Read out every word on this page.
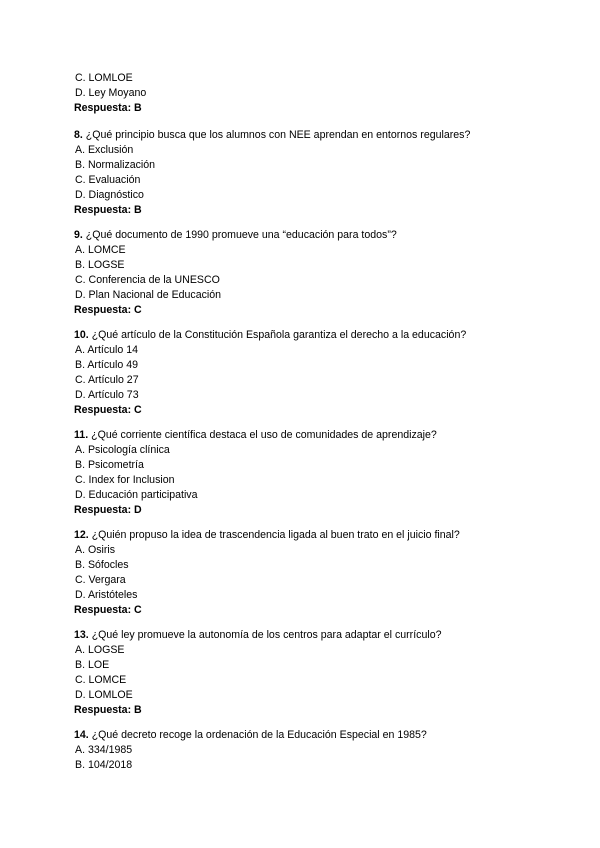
C. LOMLOE
D. Ley Moyano
Respuesta: B
8. ¿Qué principio busca que los alumnos con NEE aprendan en entornos regulares?
A. Exclusión
B. Normalización
C. Evaluación
D. Diagnóstico
Respuesta: B
9. ¿Qué documento de 1990 promueve una “educación para todos”?
A. LOMCE
B. LOGSE
C. Conferencia de la UNESCO
D. Plan Nacional de Educación
Respuesta: C
10. ¿Qué artículo de la Constitución Española garantiza el derecho a la educación?
A. Artículo 14
B. Artículo 49
C. Artículo 27
D. Artículo 73
Respuesta: C
11. ¿Qué corriente científica destaca el uso de comunidades de aprendizaje?
A. Psicología clínica
B. Psicometría
C. Index for Inclusion
D. Educación participativa
Respuesta: D
12. ¿Quién propuso la idea de trascendencia ligada al buen trato en el juicio final?
A. Osiris
B. Sófocles
C. Vergara
D. Aristóteles
Respuesta: C
13. ¿Qué ley promueve la autonomía de los centros para adaptar el currículo?
A. LOGSE
B. LOE
C. LOMCE
D. LOMLOE
Respuesta: B
14. ¿Qué decreto recoge la ordenación de la Educación Especial en 1985?
A. 334/1985
B. 104/2018
